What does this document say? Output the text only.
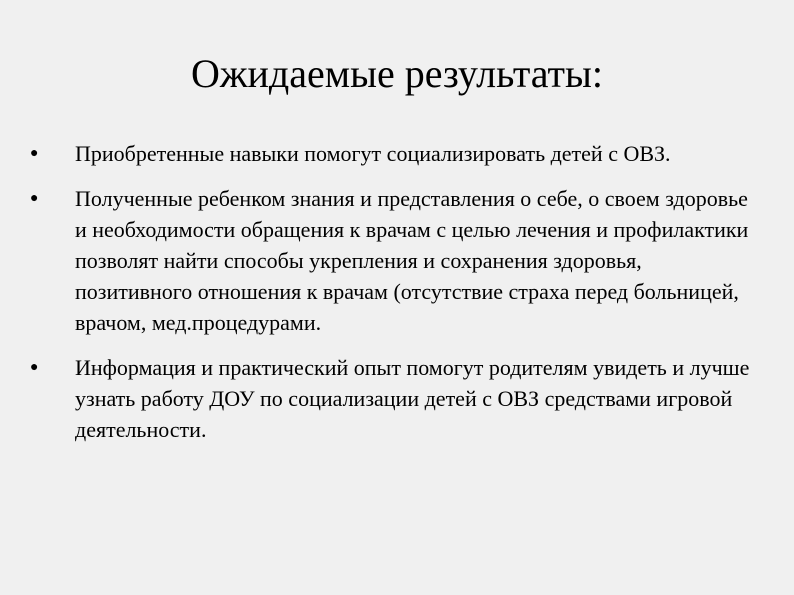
Ожидаемые результаты:
● Приобретенные навыки помогут социализировать детей с ОВЗ.
● Полученные ребенком знания и представления о себе, о своем здоровье и необходимости обращения к врачам с целью лечения и профилактики позволят найти способы укрепления и сохранения здоровья, позитивного отношения к врачам (отсутствие страха перед больницей, врачом, мед.процедурами.
● Информация и практический опыт помогут родителям увидеть и лучше узнать работу ДОУ по социализации детей с ОВЗ средствами игровой деятельности.
